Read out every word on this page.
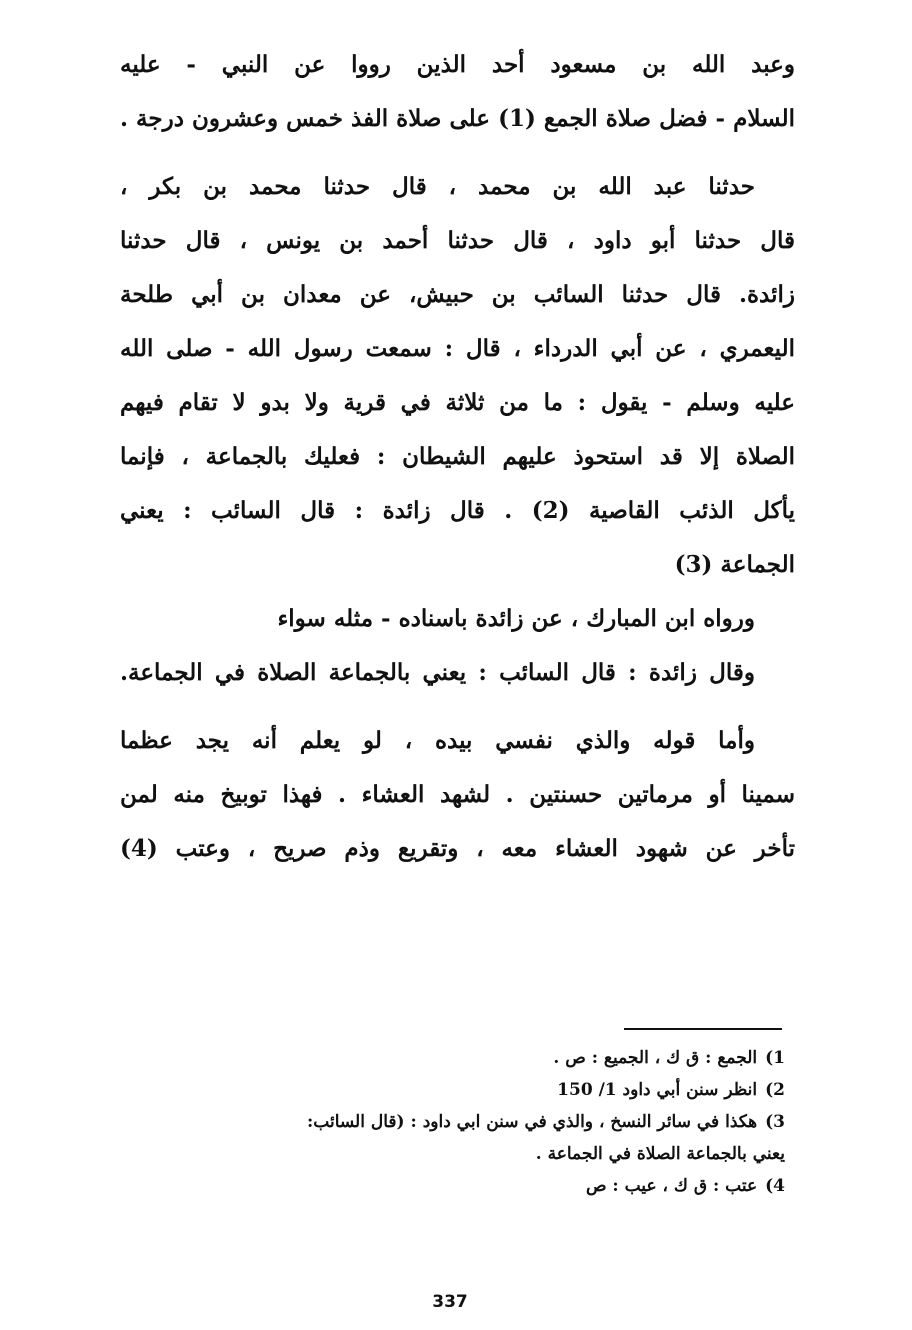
وعبد الله بن مسعود أحد الذين رووا عن النبي - عليه
السلام - فضل صلاة الجمع (1) على صلاة الفذ خمس وعشرون درجة .
حدثنا عبد الله بن محمد ، قال حدثنا محمد بن بكر ،
قال حدثنا أبو داود ، قال حدثنا أحمد بن يونس ، قال حدثنا
زائدة. قال حدثنا السائب بن حبيش، عن معدان بن أبي طلحة
اليعمري ، عن أبي الدرداء ، قال : سمعت رسول الله - صلى الله
عليه وسلم - يقول : ما من ثلاثة في قرية ولا بدو لا تقام فيهم
الصلاة إلا قد استحوذ عليهم الشيطان : فعليك بالجماعة ، فإنما
يأكل الذئب القاصية (2) . قال زائدة : قال السائب : يعني
الجماعة (3)
ورواه ابن المبارك ، عن زائدة باسناده - مثله سواء
وقال زائدة : قال السائب : يعني بالجماعة الصلاة في الجماعة.
وأما قوله والذي نفسي بيده ، لو يعلم أنه يجد عظما
سمينا أو مرماتين حسنتين . لشهد العشاء . فهذا توبيخ منه لمن
تأخر عن شهود العشاء معه ، وتقريع وذم صريح ، وعتب (4)
1)الجمع : ق ك ، الجميع : ص .
2)انظر سنن أبي داود 1/ 150
3)هكذا في سائر النسخ ، والذي في سنن ابي داود : (قال السائب:
يعني بالجماعة الصلاة في الجماعة .
4)عتب : ق ك ، عيب : ص
337
